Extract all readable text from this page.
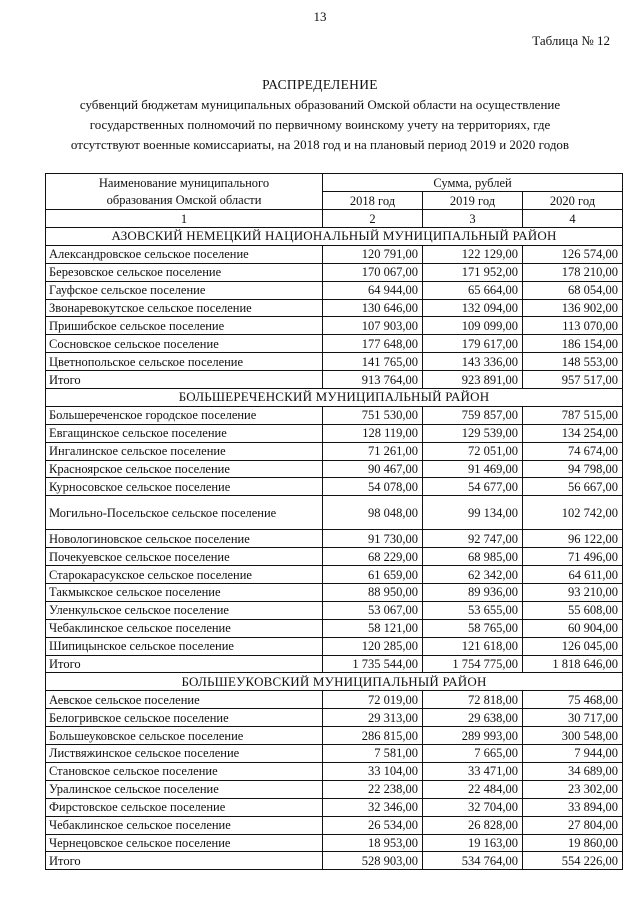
13
Таблица № 12
РАСПРЕДЕЛЕНИЕ
субвенций бюджетам муниципальных образований Омской области на осуществление
государственных полномочий по первичному воинскому учету на территориях, где
отсутствуют военные комиссариаты, на 2018 год и на плановый период 2019 и 2020 годов
Наименование муниципального
образования Омской области	Сумма, рублей		
	2018 год	2019 год	2020 год
1	2	3	4
АЗОВСКИЙ НЕМЕЦКИЙ НАЦИОНАЛЬНЫЙ МУНИЦИПАЛЬНЫЙ РАЙОН			
Александровское сельское поселение	120 791,00	122 129,00	126 574,00
Березовское сельское поселение	170 067,00	171 952,00	178 210,00
Гауфское сельское поселение	64 944,00	65 664,00	68 054,00
Звонаревокутское сельское поселение	130 646,00	132 094,00	136 902,00
Пришибское сельское поселение	107 903,00	109 099,00	113 070,00
Сосновское сельское поселение	177 648,00	179 617,00	186 154,00
Цветнопольское сельское поселение	141 765,00	143 336,00	148 553,00
Итого	913 764,00	923 891,00	957 517,00
БОЛЬШЕРЕЧЕНСКИЙ МУНИЦИПАЛЬНЫЙ РАЙОН			
Большереченское городское поселение	751 530,00	759 857,00	787 515,00
Евгащинское сельское поселение	128 119,00	129 539,00	134 254,00
Ингалинское сельское поселение	71 261,00	72 051,00	74 674,00
Красноярское сельское поселение	90 467,00	91 469,00	94 798,00
Курносовское сельское поселение	54 078,00	54 677,00	56 667,00
Могильно-Посельское сельское поселение	98 048,00	99 134,00	102 742,00
Новологиновское сельское поселение	91 730,00	92 747,00	96 122,00
Почекуевское сельское поселение	68 229,00	68 985,00	71 496,00
Старокарасукское сельское поселение	61 659,00	62 342,00	64 611,00
Такмыкское сельское поселение	88 950,00	89 936,00	93 210,00
Уленкульское сельское поселение	53 067,00	53 655,00	55 608,00
Чебаклинское сельское поселение	58 121,00	58 765,00	60 904,00
Шипицынское сельское поселение	120 285,00	121 618,00	126 045,00
Итого	1 735 544,00	1 754 775,00	1 818 646,00
БОЛЬШЕУКОВСКИЙ МУНИЦИПАЛЬНЫЙ РАЙОН			
Аевское сельское поселение	72 019,00	72 818,00	75 468,00
Белогривское сельское поселение	29 313,00	29 638,00	30 717,00
Большеуковское сельское поселение	286 815,00	289 993,00	300 548,00
Листвяжинское сельское поселение	7 581,00	7 665,00	7 944,00
Становское сельское поселение	33 104,00	33 471,00	34 689,00
Уралинское сельское поселение	22 238,00	22 484,00	23 302,00
Фирстовское сельское поселение	32 346,00	32 704,00	33 894,00
Чебаклинское сельское поселение	26 534,00	26 828,00	27 804,00
Чернецовское сельское поселение	18 953,00	19 163,00	19 860,00
Итого	528 903,00	534 764,00	554 226,00
